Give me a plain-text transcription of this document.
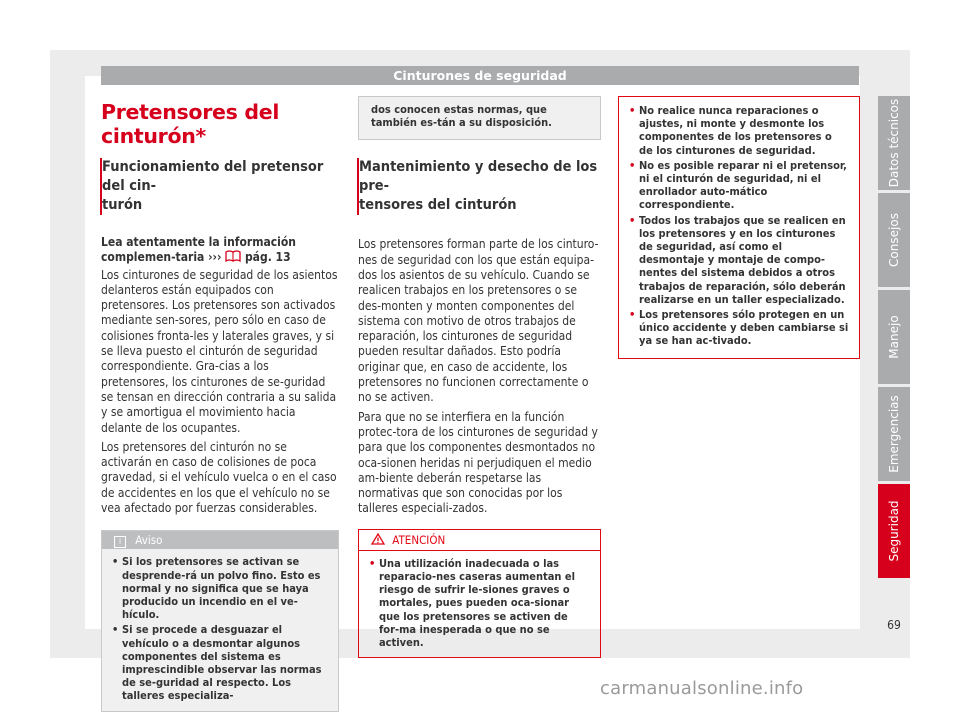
Cinturones de seguridad
Pretensores del cinturón*
Funcionamiento del pretensor del cin-
turón

Lea atentamente la información complemen-taria ››› pág. 13

Los cinturones de seguridad de los asientos delanteros están equipados con pretensores. Los pretensores son activados mediante sen-sores, pero sólo en caso de colisiones fronta-les y laterales graves, y si se lleva puesto el cinturón de seguridad correspondiente. Gra-cias a los pretensores, los cinturones de se-guridad se tensan en dirección contraria a su salida y se amortigua el movimiento hacia delante de los ocupantes.

Los pretensores del cinturón no se activarán en caso de colisiones de poca gravedad, si el vehículo vuelca o en el caso de accidentes en los que el vehículo no se vea afectado por fuerzas considerables.

i Aviso
• Si los pretensores se activan se desprende-rá un polvo fino. Esto es normal y no significa que se haya producido un incendio en el ve-hículo.
• Si se procede a desguazar el vehículo o a desmontar algunos componentes del sistema es imprescindible observar las normas de se-guridad al respecto. Los talleres especializa-
dos conocen estas normas, que también es-tán a su disposición.
Mantenimiento y desecho de los pre-
tensores del cinturón

Los pretensores forman parte de los cinturo-nes de seguridad con los que están equipa-dos los asientos de su vehículo. Cuando se realicen trabajos en los pretensores o se des-monten y monten componentes del sistema con motivo de otros trabajos de reparación, los cinturones de seguridad pueden resultar dañados. Esto podría originar que, en caso de accidente, los pretensores no funcionen correctamente o no se activen.

Para que no se interfiera en la función protec-tora de los cinturones de seguridad y para que los componentes desmontados no oca-sionen heridas ni perjudiquen el medio am-biente deberán respetarse las normativas que son conocidas por los talleres especiali-zados.

ATENCIÓN
• Una utilización inadecuada o las reparacio-nes caseras aumentan el riesgo de sufrir le-siones graves o mortales, pues pueden oca-sionar que los pretensores se activen de for-ma inesperada o que no se activen.
• No realice nunca reparaciones o ajustes, ni monte y desmonte los componentes de los pretensores o de los cinturones de seguridad.
• No es posible reparar ni el pretensor, ni el cinturón de seguridad, ni el enrollador auto-mático correspondiente.
• Todos los trabajos que se realicen en los pretensores y en los cinturones de seguridad, así como el desmontaje y montaje de compo-nentes del sistema debidos a otros trabajos de reparación, sólo deberán realizarse en un taller especializado.
• Los pretensores sólo protegen en un único accidente y deben cambiarse si ya se han ac-tivado.
Datos técnicos
Consejos
Manejo
Emergencias
Seguridad
69
carmanualsonline.info
